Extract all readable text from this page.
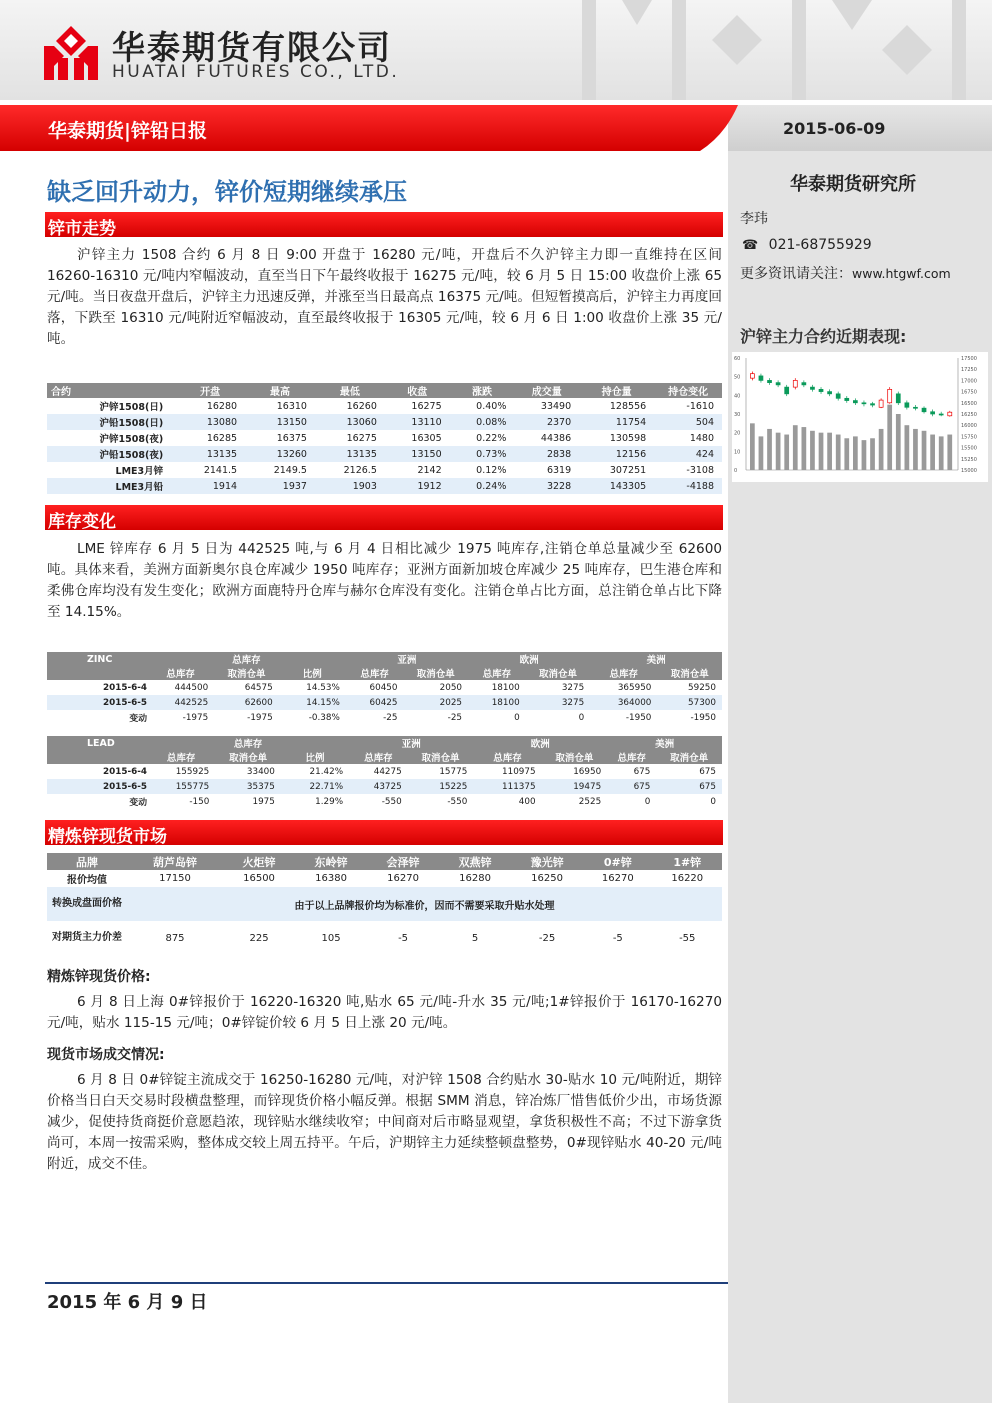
华泰期货有限公司
HUATAI FUTURES CO., LTD.
华泰期货|锌铅日报	2015-06-09
华泰期货研究所
李玮
☎ 021-68755929
更多资讯请关注：www.htgwf.com
沪锌主力合约近期表现:
60
50
40
30
20
10
0
17500
17250
17000
16750
16500
16250
16000
15750
15500
15250
15000
缺乏回升动力，锌价短期继续承压
锌市走势
沪锌主力 1508 合约 6 月 8 日 9:00 开盘于 16280 元/吨，开盘后不久沪锌主力即一直维持在区间 16260-16310 元/吨内窄幅波动，直至当日下午最终收报于 16275 元/吨，较 6 月 5 日 15:00 收盘价上涨 65 元/吨。当日夜盘开盘后，沪锌主力迅速反弹，并涨至当日最高点 16375 元/吨。但短暂摸高后，沪锌主力再度回落，下跌至 16310 元/吨附近窄幅波动，直至最终收报于 16305 元/吨，较 6 月 6 日 1:00 收盘价上涨 35 元/吨。
合约	开盘	最高	最低	收盘	涨跌	成交量	持仓量	持仓变化
沪锌1508(日)	16280	16310	16260	16275	0.40%	33490	128556	-1610
沪铅1508(日)	13080	13150	13060	13110	0.08%	2370	11754	504
沪锌1508(夜)	16285	16375	16275	16305	0.22%	44386	130598	1480
沪铅1508(夜)	13135	13260	13135	13150	0.73%	2838	12156	424
LME3月锌	2141.5	2149.5	2126.5	2142	0.12%	6319	307251	-3108
LME3月铅	1914	1937	1903	1912	0.24%	3228	143305	-4188
库存变化
LME 锌库存 6 月 5 日为 442525 吨,与 6 月 4 日相比减少 1975 吨库存,注销仓单总量减少至 62600 吨。具体来看，美洲方面新奥尔良仓库减少 1950 吨库存；亚洲方面新加坡仓库减少 25 吨库存，巴生港仓库和柔佛仓库均没有发生变化；欧洲方面鹿特丹仓库与赫尔仓库没有变化。注销仓单占比方面，总注销仓单占比下降至 14.15%。
ZINC	总库存			亚洲		欧洲		美洲	
	总库存	取消仓单	比例	总库存	取消仓单	总库存	取消仓单	总库存	取消仓单
2015-6-4	444500	64575	14.53%	60450	2050	18100	3275	365950	59250
2015-6-5	442525	62600	14.15%	60425	2025	18100	3275	364000	57300
变动	-1975	-1975	-0.38%	-25	-25	0	0	-1950	-1950
LEAD	总库存			亚洲		欧洲		美洲	
	总库存	取消仓单	比例	总库存	取消仓单	总库存	取消仓单	总库存	取消仓单
2015-6-4	155925	33400	21.42%	44275	15775	110975	16950	675	675
2015-6-5	155775	35375	22.71%	43725	15225	111375	19475	675	675
变动	-150	1975	1.29%	-550	-550	400	2525	0	0
精炼锌现货市场
品牌	葫芦岛锌	火炬锌	东岭锌	会泽锌	双燕锌	豫光锌	0#锌	1#锌
报价均值	17150	16500	16380	16270	16280	16250	16270	16220
转换成盘面价格	由于以上品牌报价均为标准价，因而不需要采取升贴水处理							
对期货主力价差	875	225	105	-5	5	-25	-5	-55
精炼锌现货价格:
6 月 8 日上海 0#锌报价于 16220-16320 吨,贴水 65 元/吨-升水 35 元/吨;1#锌报价于 16170-16270 元/吨，贴水 115-15 元/吨；0#锌锭价较 6 月 5 日上涨 20 元/吨。
现货市场成交情况:
6 月 8 日 0#锌锭主流成交于 16250-16280 元/吨，对沪锌 1508 合约贴水 30-贴水 10 元/吨附近，期锌价格当日白天交易时段横盘整理，而锌现货价格小幅反弹。根据 SMM 消息，锌冶炼厂惜售低价少出，市场货源减少，促使持货商挺价意愿趋浓，现锌贴水继续收窄；中间商对后市略显观望，拿货积极性不高；不过下游拿货尚可，本周一按需采购，整体成交较上周五持平。午后，沪期锌主力延续整顿盘整势，0#现锌贴水 40-20 元/吨附近，成交不佳。
2015 年 6 月 9 日
